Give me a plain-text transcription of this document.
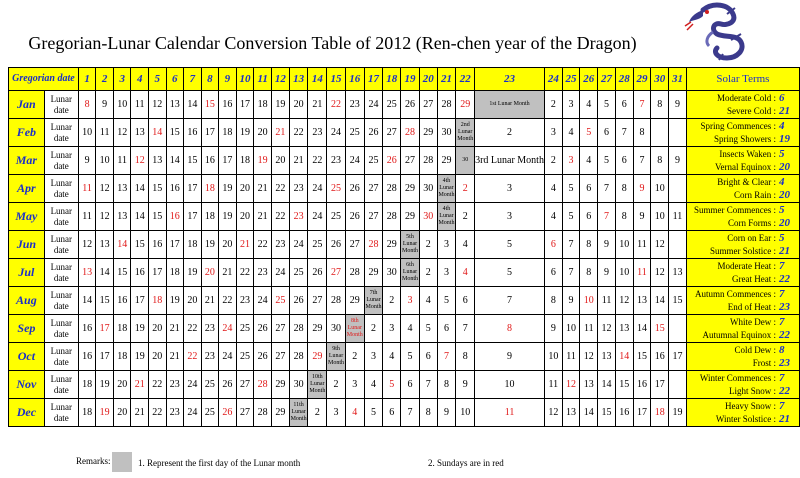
Gregorian-Lunar Calendar Conversion Table of 2012 (Ren-chen year of the Dragon)
Gregorian date		1	2	3	4	5	6	7	8	9	10	11	12	13	14	15	16	17	18	19	20	21	22	23	24	25	26	27	28	29	30	31	Solar Terms
Jan	Lunar date	8	9	10	11	12	13	14	15	16	17	18	19	20	21	22	23	24	25	26	27	28	29	1st Lunar Month	2	3	4	5	6	7	8	9	Moderate Cold : 6
Severe Cold : 21

Feb	Lunar date	10	11	12	13	14	15	16	17	18	19	20	21	22	23	24	25	26	27	28	29	30	2nd Lunar Month	2	3	4	5	6	7	8			Spring Commences : 4
Spring Showers : 19

Mar	Lunar date	9	10	11	12	13	14	15	16	17	18	19	20	21	22	23	24	25	26	27	28	29	30	3rd Lunar Month	2	3	4	5	6	7	8	9	Insects Waken : 5
Vernal Equinox : 20

Apr	Lunar date	11	12	13	14	15	16	17	18	19	20	21	22	23	24	25	26	27	28	29	30	4th Lunar Month	2	3	4	5	6	7	8	9	10		Bright & Clear : 4
Corn Rain : 20

May	Lunar date	11	12	13	14	15	16	17	18	19	20	21	22	23	24	25	26	27	28	29	30	4th Lunar Month	2	3	4	5	6	7	8	9	10	11	Summer Commences : 5
Corn Forms : 20

Jun	Lunar date	12	13	14	15	16	17	18	19	20	21	22	23	24	25	26	27	28	29	5th Lunar Month	2	3	4	5	6	7	8	9	10	11	12		Corn on Ear : 5
Summer Solstice : 21

Jul	Lunar date	13	14	15	16	17	18	19	20	21	22	23	24	25	26	27	28	29	30	6th Lunar Month	2	3	4	5	6	7	8	9	10	11	12	13	Moderate Heat : 7
Great Heat : 22

Aug	Lunar date	14	15	16	17	18	19	20	21	22	23	24	25	26	27	28	29	7th Lunar Month	2	3	4	5	6	7	8	9	10	11	12	13	14	15	Autumn Commences : 7
End of Heat : 23

Sep	Lunar date	16	17	18	19	20	21	22	23	24	25	26	27	28	29	30	8th Lunar Month	2	3	4	5	6	7	8	9	10	11	12	13	14	15		White Dew : 7
Autumnal Equinox : 22

Oct	Lunar date	16	17	18	19	20	21	22	23	24	25	26	27	28	29	9th Lunar Month	2	3	4	5	6	7	8	9	10	11	12	13	14	15	16	17	Cold Dew : 8
Frost : 23

Nov	Lunar date	18	19	20	21	22	23	24	25	26	27	28	29	30	10th Lunar Month	2	3	4	5	6	7	8	9	10	11	12	13	14	15	16	17		Winter Commences : 7
Light Snow : 22

Dec	Lunar date	18	19	20	21	22	23	24	25	26	27	28	29	11th Lunar Month	2	3	4	5	6	7	8	9	10	11	12	13	14	15	16	17	18	19	Heavy Snow : 7
Winter Solstice : 21
Remarks:	1. Represent the first day of the Lunar month	2. Sundays are in red
